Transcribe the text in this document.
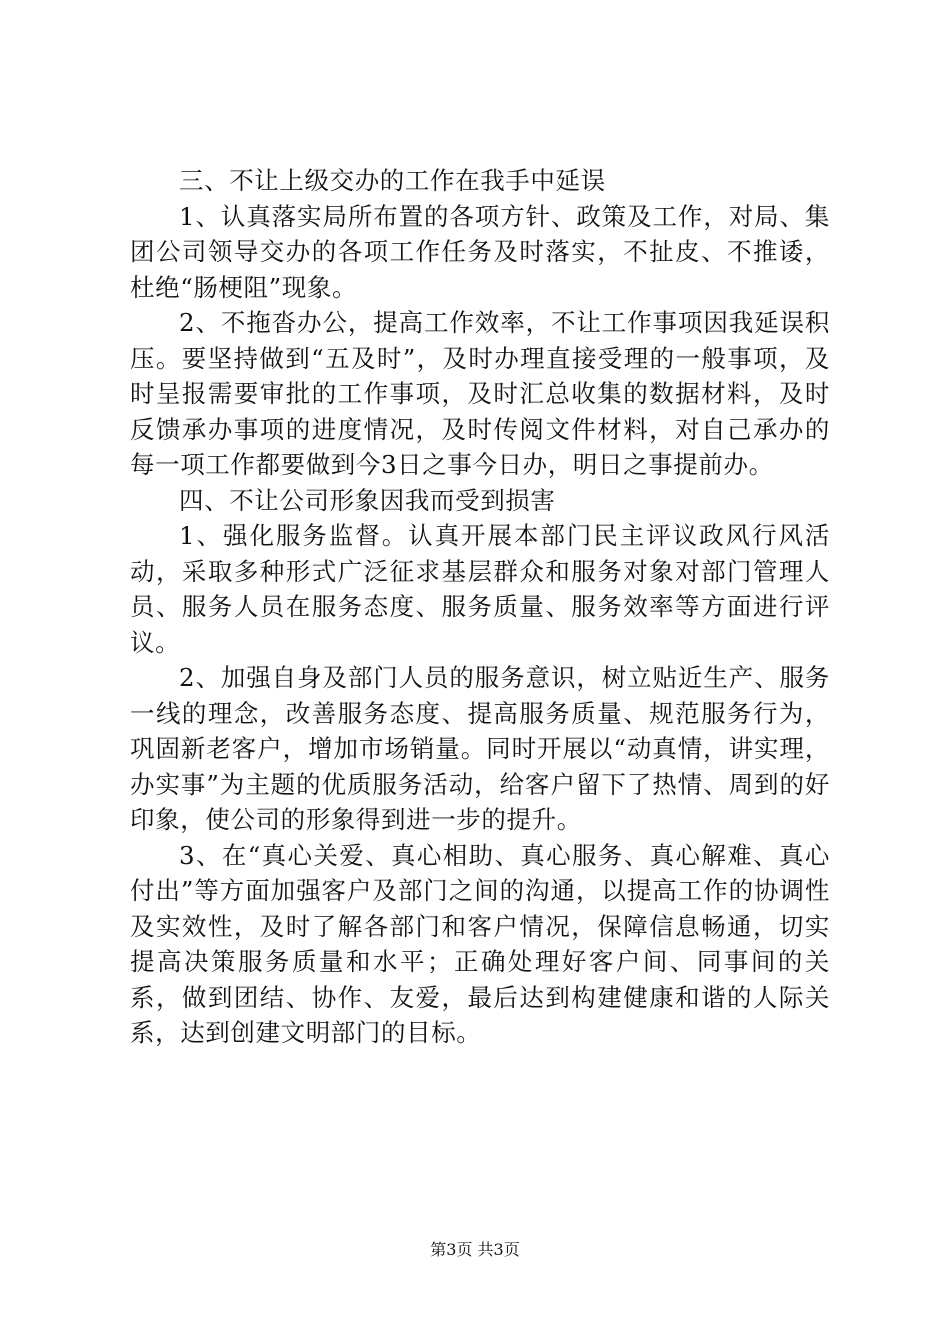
三、不让上级交办的工作在我手中延误

1、认真落实局所布置的各项方针、政策及工作，对局、集团公司领导交办的各项工作任务及时落实，不扯皮、不推诿，杜绝“肠梗阻”现象。

2、不拖沓办公，提高工作效率，不让工作事项因我延误积压。要坚持做到“五及时”，及时办理直接受理的一般事项，及时呈报需要审批的工作事项，及时汇总收集的数据材料，及时反馈承办事项的进度情况，及时传阅文件材料，对自己承办的每一项工作都要做到今3日之事今日办，明日之事提前办。

四、不让公司形象因我而受到损害

1、强化服务监督。认真开展本部门民主评议政风行风活动，采取多种形式广泛征求基层群众和服务对象对部门管理人员、服务人员在服务态度、服务质量、服务效率等方面进行评议。

2、加强自身及部门人员的服务意识，树立贴近生产、服务一线的理念，改善服务态度、提高服务质量、规范服务行为，巩固新老客户，增加市场销量。同时开展以“动真情，讲实理，办实事”为主题的优质服务活动，给客户留下了热情、周到的好印象，使公司的形象得到进一步的提升。

3、在“真心关爱、真心相助、真心服务、真心解难、真心付出”等方面加强客户及部门之间的沟通，以提高工作的协调性及实效性，及时了解各部门和客户情况，保障信息畅通，切实提高决策服务质量和水平；正确处理好客户间、同事间的关系，做到团结、协作、友爱，最后达到构建健康和谐的人际关系，达到创建文明部门的目标。

第3页 共3页
